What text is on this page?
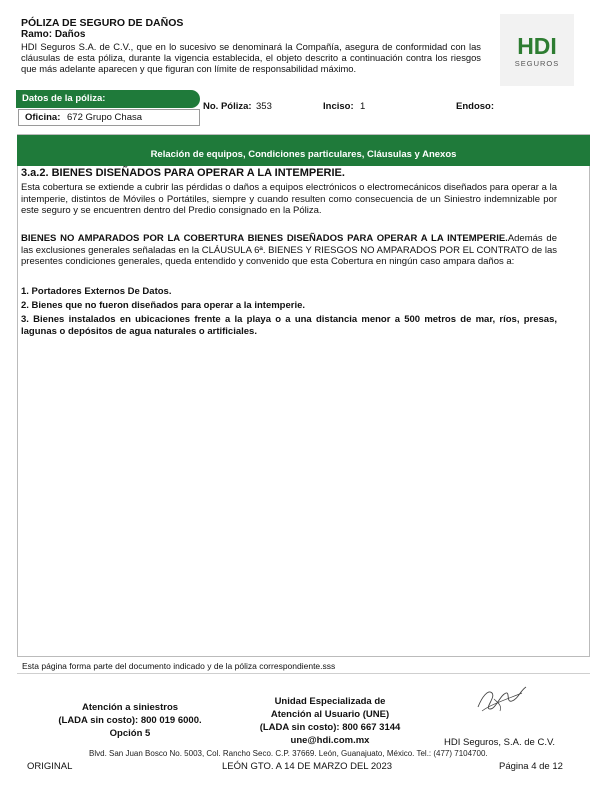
PÓLIZA DE SEGURO DE DAÑOS
Ramo: Daños
HDI Seguros S.A. de C.V., que en lo sucesivo se denominará la Compañía, asegura de conformidad con las cláusulas de esta póliza, durante la vigencia establecida, el objeto descrito a continuación contra los riesgos que más adelante aparecen y que figuran con límite de responsabilidad máximo.
HDI
SEGUROS
Datos de la póliza:
No. Póliza: 353	Inciso: 1	Endoso:
Oficina: 672 Grupo Chasa
Relación de equipos, Condiciones particulares, Cláusulas y Anexos
3.a.2. BIENES DISEÑADOS PARA OPERAR A LA INTEMPERIE.
Esta cobertura se extiende a cubrir las pérdidas o daños a equipos electrónicos o electromecánicos diseñados para operar a la intemperie, distintos de Móviles o Portátiles, siempre y cuando resulten como consecuencia de un Siniestro indemnizable por este seguro y se encuentren dentro del Predio consignado en la Póliza.
BIENES NO AMPARADOS POR LA COBERTURA BIENES DISEÑADOS PARA OPERAR A LA INTEMPERIE.Además de las exclusiones generales señaladas en la CLÁUSULA 6ª. BIENES Y RIESGOS NO AMPARADOS POR EL CONTRATO de las presentes condiciones generales, queda entendido y convenido que esta Cobertura en ningún caso ampara daños a:
1. Portadores Externos De Datos.
2. Bienes que no fueron diseñados para operar a la intemperie.
3. Bienes instalados en ubicaciones frente a la playa o a una distancia menor a 500 metros de mar, ríos, presas, lagunas o depósitos de agua naturales o artificiales.
Esta página forma parte del documento indicado y de la póliza correspondiente.sss
Atención a siniestros
(LADA sin costo): 800 019 6000.
Opción 5
Unidad Especializada de
Atención al Usuario (UNE)
(LADA sin costo): 800 667 3144
une@hdi.com.mx	HDI Seguros, S.A. de C.V.
Blvd. San Juan Bosco No. 5003, Col. Rancho Seco. C.P. 37669. León, Guanajuato, México. Tel.: (477) 7104700.
ORIGINAL	LEÓN GTO. A 14 DE MARZO DEL 2023	Página 4 de 12
